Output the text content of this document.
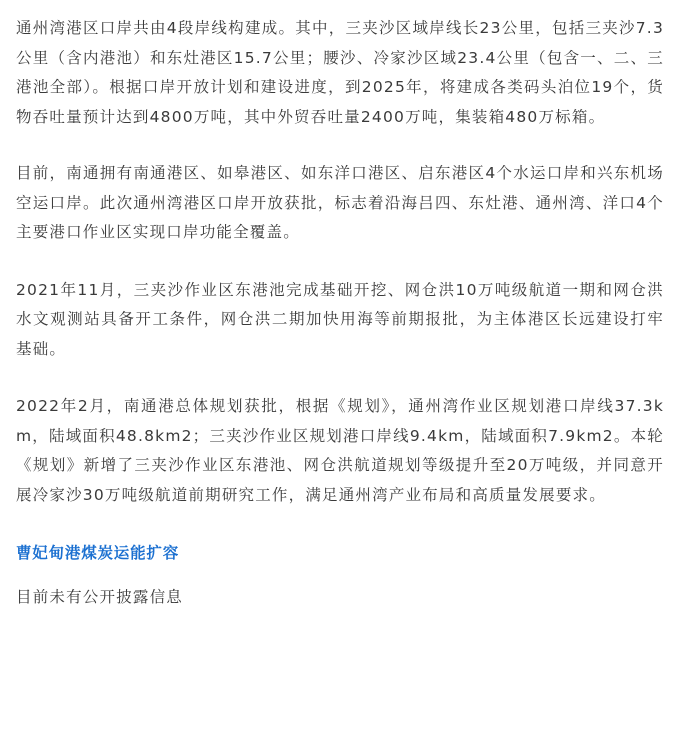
通州湾港区口岸共由4段岸线构建成。其中，三夹沙区域岸线长23公里，包括三夹沙7.3公里（含内港池）和东灶港区15.7公里；腰沙、冷家沙区域23.4公里（包含一、二、三港池全部）。根据口岸开放计划和建设进度，到2025年，将建成各类码头泊位19个，货物吞吐量预计达到4800万吨，其中外贸吞吐量2400万吨，集装箱480万标箱。

目前，南通拥有南通港区、如皋港区、如东洋口港区、启东港区4个水运口岸和兴东机场空运口岸。此次通州湾港区口岸开放获批，标志着沿海吕四、东灶港、通州湾、洋口4个主要港口作业区实现口岸功能全覆盖。

2021年11月，三夹沙作业区东港池完成基础开挖、网仓洪10万吨级航道一期和网仓洪水文观测站具备开工条件，网仓洪二期加快用海等前期报批，为主体港区长远建设打牢基础。

2022年2月，南通港总体规划获批，根据《规划》，通州湾作业区规划港口岸线37.3km，陆域面积48.8km2；三夹沙作业区规划港口岸线9.4km，陆域面积7.9km2。本轮《规划》新增了三夹沙作业区东港池、网仓洪航道规划等级提升至20万吨级，并同意开展冷家沙30万吨级航道前期研究工作，满足通州湾产业布局和高质量发展要求。

曹妃甸港煤炭运能扩容

目前未有公开披露信息
